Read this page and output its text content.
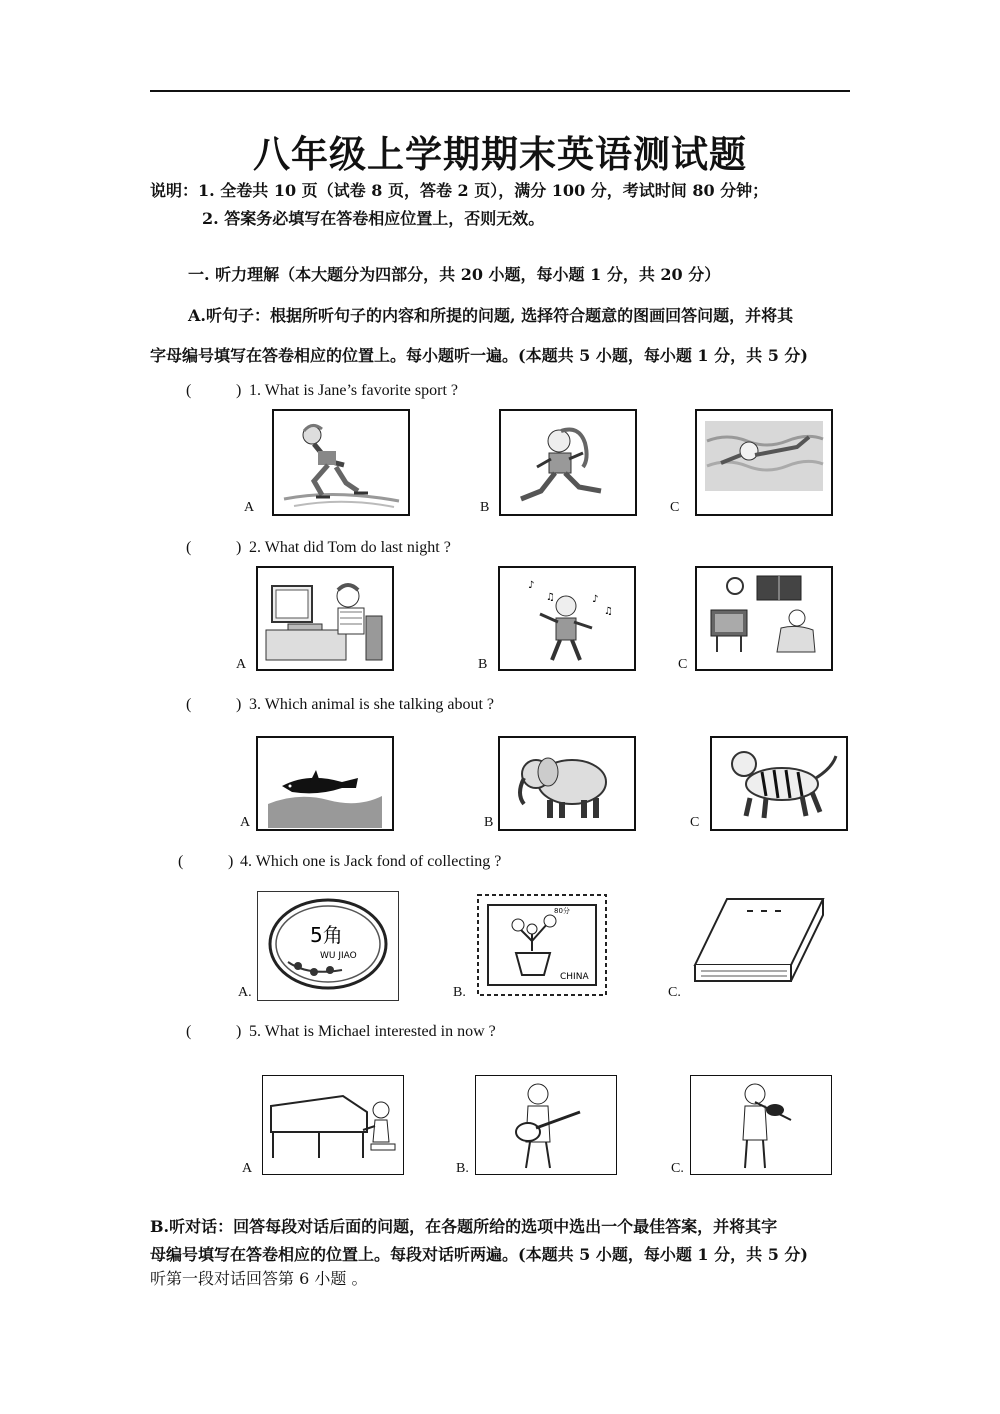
八年级上学期期末英语测试题
说明：1. 全卷共 10 页（试卷 8 页，答卷 2 页），满分 100 分，考试时间 80 分钟；
2. 答案务必填写在答卷相应位置上，否则无效。
一. 听力理解（本大题分为四部分，共 20 小题，每小题 1 分，共 20 分）
A.听句子：根据所听句子的内容和所提的问题, 选择符合题意的图画回答问题，并将其
字母编号填写在答卷相应的位置上。每小题听一遍。(本题共 5 小题，每小题 1 分，共 5 分)
(	) 1. What is Jane’s favorite sport ?
A	B	C
(	) 2. What did Tom do last night ?
A
♪
♫	♪
♫
B	C
(	) 3. Which animal is she talking about ?
A	B	C
(	) 4. Which one is Jack fond of collecting ?
5角
WU JIAO
A.
80分
CHINA
B.	C.
(	) 5. What is Michael interested in now ?
A	B.	C.
B.听对话：回答每段对话后面的问题，在各题所给的选项中选出一个最佳答案，并将其字
母编号填写在答卷相应的位置上。每段对话听两遍。(本题共 5 小题，每小题 1 分，共 5 分)
听第一段对话回答第 6 小题 。
